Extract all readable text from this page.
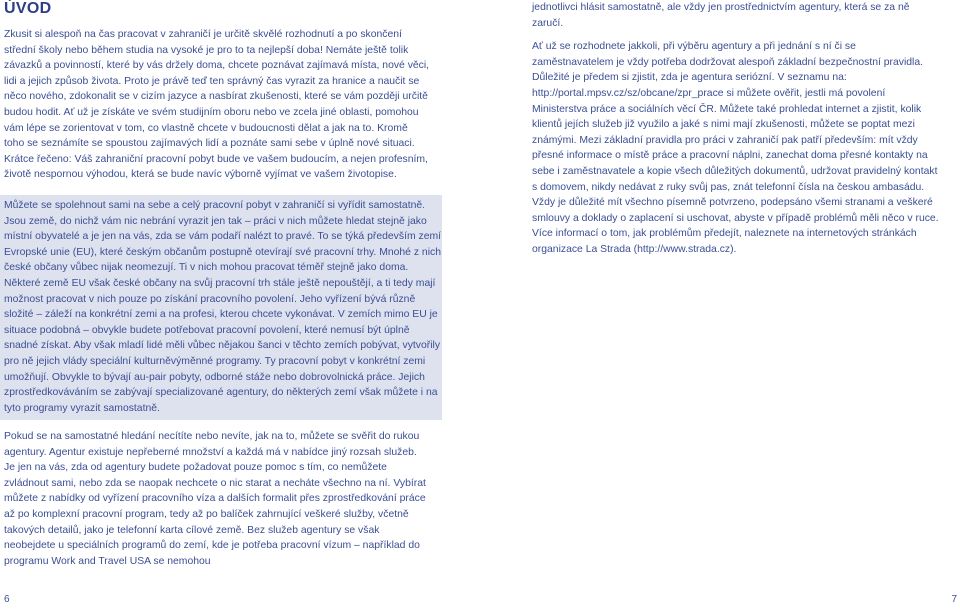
ÚVOD

Zkusit si alespoň na čas pracovat v zahraničí je určitě skvělé rozhodnutí a po skončení střední školy nebo během studia na vysoké je pro to ta nejlepší doba! Nemáte ještě tolik závazků a povinností, které by vás držely doma, chcete poznávat zajímavá místa, nové věci, lidi a jejich způsob života. Proto je právě teď ten správný čas vyrazit za hranice a naučit se něco nového, zdokonalit se v cizím jazyce a nasbírat zkušenosti, které se vám později určitě budou hodit. Ať už je získáte ve svém studijním oboru nebo ve zcela jiné oblasti, pomohou vám lépe se zorientovat v tom, co vlastně chcete v budoucnosti dělat a jak na to. Kromě toho se seznámíte se spoustou zajímavých lidí a poznáte sami sebe v úplně nové situaci. Krátce řečeno: Váš zahraniční pracovní pobyt bude ve vašem budoucím, a nejen profesním, životě nespornou výhodou, která se bude navíc výborně vyjímat ve vašem životopise.

Můžete se spolehnout sami na sebe a celý pracovní pobyt v zahraničí si vyřídit samostatně. Jsou země, do nichž vám nic nebrání vyrazit jen tak – práci v nich můžete hledat stejně jako místní obyvatelé a je jen na vás, zda se vám podaří nalézt to pravé. To se týká především zemí Evropské unie (EU), které českým občanům postupně otevírají své pracovní trhy. Mnohé z nich české občany vůbec nijak neomezují. Ti v nich mohou pracovat téměř stejně jako doma. Některé země EU však české občany na svůj pracovní trh stále ještě nepouštějí, a ti tedy mají možnost pracovat v nich pouze po získání pracovního povolení. Jeho vyřízení bývá různě složité – záleží na konkrétní zemi a na profesi, kterou chcete vykonávat. V zemích mimo EU je situace podobná – obvykle budete potřebovat pracovní povolení, které nemusí být úplně snadné získat. Aby však mladí lidé měli vůbec nějakou šanci v těchto zemích pobývat, vytvořily pro ně jejich vlády speciální kulturněvýměnné programy. Ty pracovní pobyt v konkrétní zemi umožňují. Obvykle to bývají au-pair pobyty, odborné stáže nebo dobrovolnická práce. Jejich zprostředkováváním se zabývají specializované agentury, do některých zemí však můžete i na tyto programy vyrazit samostatně.

Pokud se na samostatné hledání necítíte nebo nevíte, jak na to, můžete se svěřit do rukou agentury. Agentur existuje nepřeberné množství a každá má v nabídce jiný rozsah služeb. Je jen na vás, zda od agentury budete požadovat pouze pomoc s tím, co nemůžete zvládnout sami, nebo zda se naopak nechcete o nic starat a necháte všechno na ní. Vybírat můžete z nabídky od vyřízení pracovního víza a dalších formalit přes zprostředkování práce až po komplexní pracovní program, tedy až po balíček zahrnující veškeré služby, včetně takových detailů, jako je telefonní karta cílové země. Bez služeb agentury se však neobejdete u speciálních programů do zemí, kde je potřeba pracovní vízum – například do programu Work and Travel USA se nemohou

6

jednotlivci hlásit samostatně, ale vždy jen prostřednictvím agentury, která se za ně zaručí.

Ať už se rozhodnete jakkoli, při výběru agentury a při jednání s ní či se zaměstnavatelem je vždy potřeba dodržovat alespoň základní bezpečnostní pravidla. Důležité je předem si zjistit, zda je agentura seriózní. V seznamu na: http://portal.mpsv.cz/sz/obcane/zpr_prace si můžete ověřit, jestli má povolení Ministerstva práce a sociálních věcí ČR. Můžete také prohledat internet a zjistit, kolik klientů jejích služeb již využilo a jaké s nimi mají zkušenosti, můžete se poptat mezi známými. Mezi základní pravidla pro práci v zahraničí pak patří především: mít vždy přesné informace o místě práce a pracovní náplni, zanechat doma přesné kontakty na sebe i zaměstnavatele a kopie všech důležitých dokumentů, udržovat pravidelný kontakt s domovem, nikdy nedávat z ruky svůj pas, znát telefonní čísla na českou ambasádu. Vždy je důležité mít všechno písemně potvrzeno, podepsáno všemi stranami a veškeré smlouvy a doklady o zaplacení si uschovat, abyste v případě problémů měli něco v ruce. Více informací o tom, jak problémům předejít, naleznete na internetových stránkách organizace La Strada (http://www.strada.cz).

7
